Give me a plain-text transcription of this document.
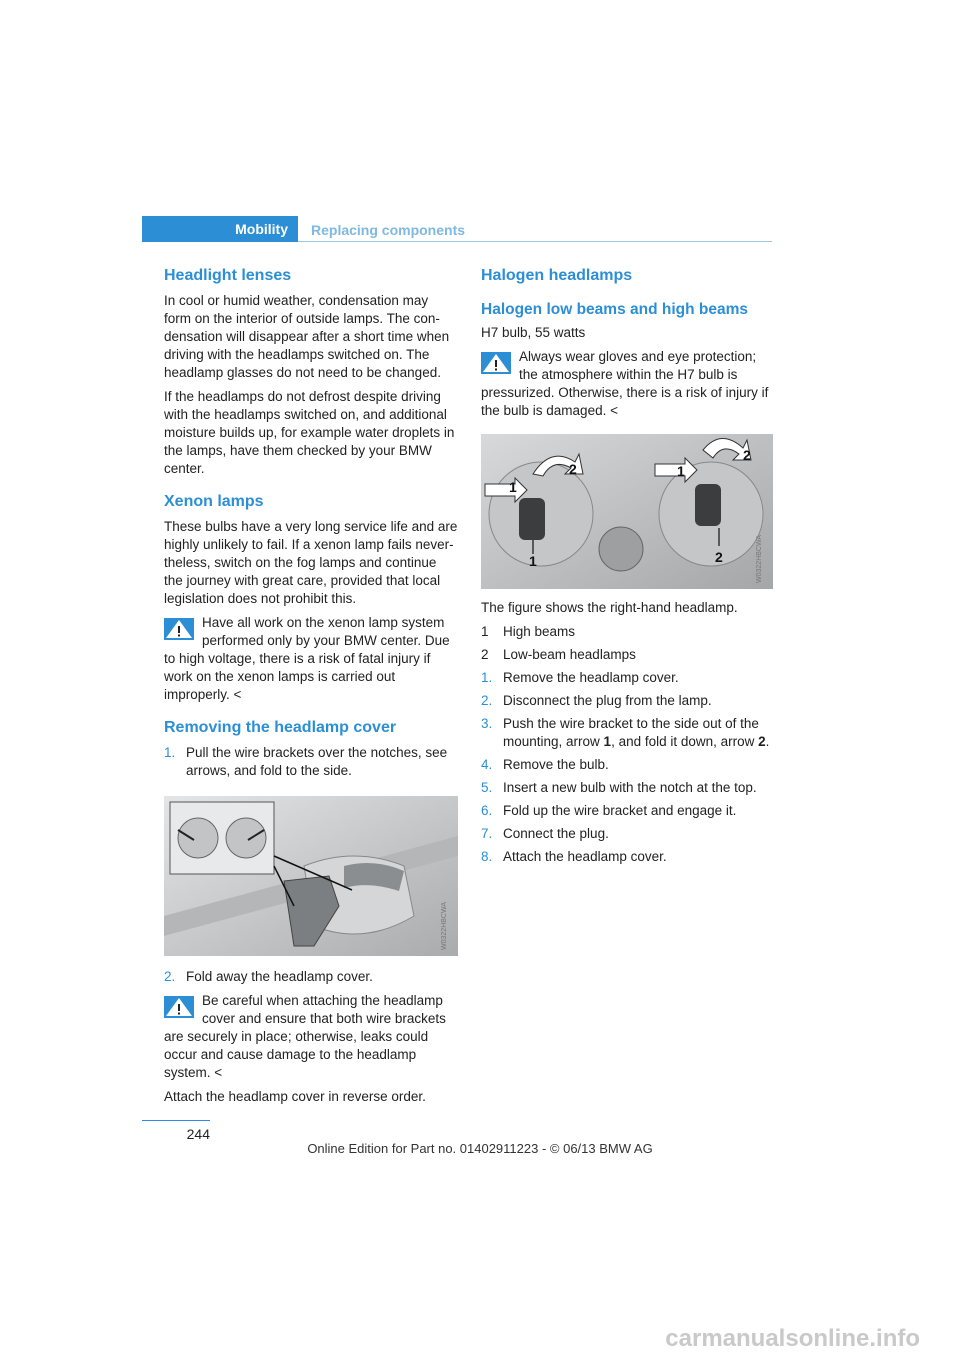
Mobility Replacing components
Headlight lenses

In cool or humid weather, condensation may form on the interior of outside lamps. The con-densation will disappear after a short time when driving with the headlamps switched on. The headlamp glasses do not need to be changed.

If the headlamps do not defrost despite driving with the headlamps switched on, and additional moisture builds up, for example water droplets in the lamps, have them checked by your BMW center.

Xenon lamps

These bulbs have a very long service life and are highly unlikely to fail. If a xenon lamp fails never-theless, switch on the fog lamps and continue the journey with great care, provided that local legislation does not prohibit this.

Have all work on the xenon lamp system performed only by your BMW center. Due to high voltage, there is a risk of fatal injury if work on the xenon lamps is carried out improperly. <
Removing the headlamp cover
1. Pull the wire brackets over the notches, see arrows, and fold to the side.
W0322HBCWA
2. Fold away the headlamp cover.
Be careful when attaching the headlamp cover and ensure that both wire brackets are securely in place; otherwise, leaks could occur and cause damage to the headlamp system. <

Attach the headlamp cover in reverse order.

Halogen headlamps
Halogen low beams and high beams

H7 bulb, 55 watts

Always wear gloves and eye protection; the atmosphere within the H7 bulb is pressurized. Otherwise, there is a risk of injury if the bulb is damaged. <
1
2
1
1
2
2	W0322HBCWA

The figure shows the right-hand headlamp.

1 High beams
2 Low-beam headlamps
1. Remove the headlamp cover.
2. Disconnect the plug from the lamp.
3. Push the wire bracket to the side out of the mounting, arrow 1, and fold it down, arrow 2.
4. Remove the bulb.
5. Insert a new bulb with the notch at the top.
6. Fold up the wire bracket and engage it.
7. Connect the plug.
8. Attach the headlamp cover.
244
Online Edition for Part no. 01402911223 - © 06/13 BMW AG
carmanualsonline.info
